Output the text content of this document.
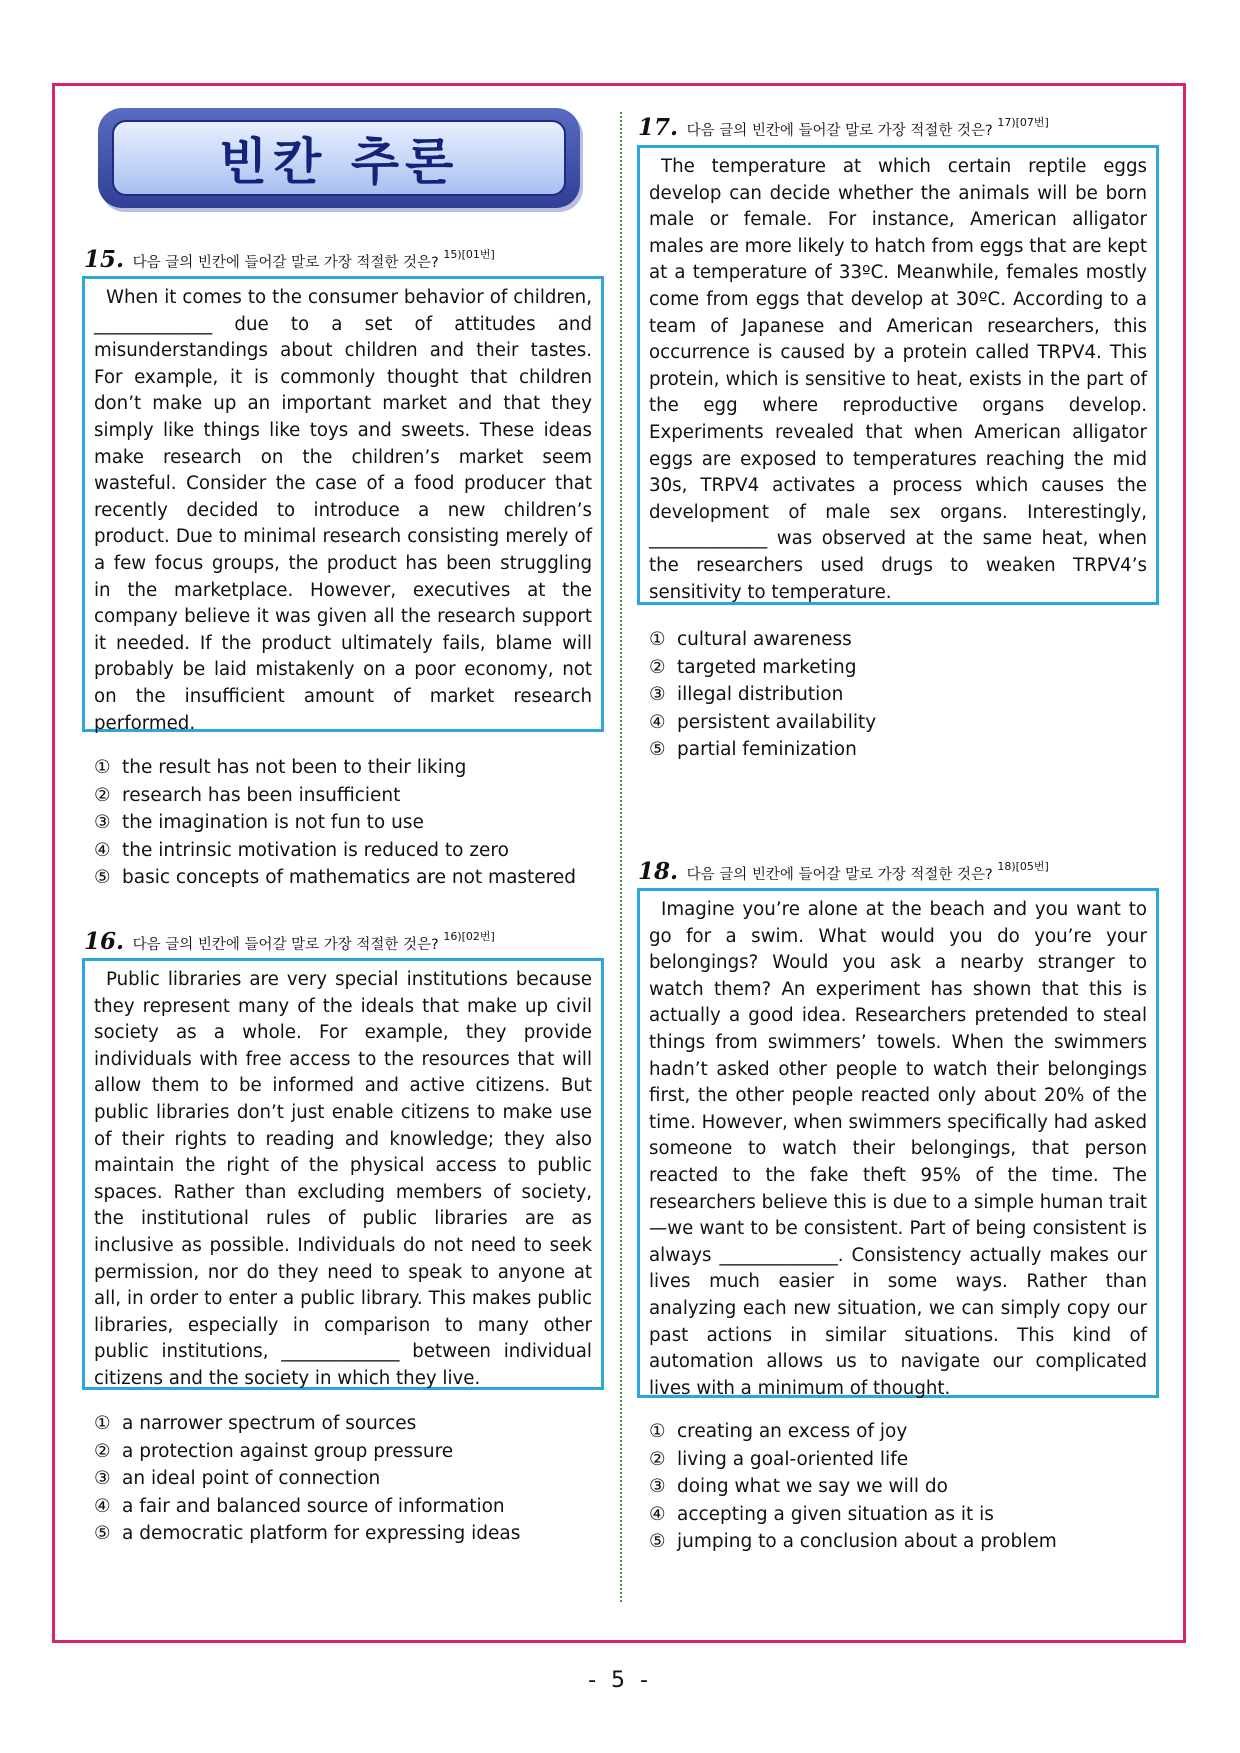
빈칸 추론
15. 다음 글의 빈칸에 들어갈 말로 가장 적절한 것은? $^{15)[01번]}$

When it comes to the consumer behavior of children, _____________ due to a set of attitudes and misunderstandings about children and their tastes. For example, it is commonly thought that children don’t make up an important market and that they simply like things like toys and sweets. These ideas make research on the children’s market seem wasteful. Consider the case of a food producer that recently decided to introduce a new children’s product. Due to minimal research consisting merely of a few focus groups, the product has been struggling in the marketplace. However, executives at the company believe it was given all the research support it needed. If the product ultimately fails, blame will probably be laid mistakenly on a poor economy, not on the insufficient amount of market research performed.

① the result has not been to their liking
② research has been insufficient
③ the imagination is not fun to use
④ the intrinsic motivation is reduced to zero
⑤ basic concepts of mathematics are not mastered
16. 다음 글의 빈칸에 들어갈 말로 가장 적절한 것은? $^{16)[02번]}$

Public libraries are very special institutions because they represent many of the ideals that make up civil society as a whole. For example, they provide individuals with free access to the resources that will allow them to be informed and active citizens. But public libraries don’t just enable citizens to make use of their rights to reading and knowledge; they also maintain the right of the physical access to public spaces. Rather than excluding members of society, the institutional rules of public libraries are as inclusive as possible. Individuals do not need to seek permission, nor do they need to speak to anyone at all, in order to enter a public library. This makes public libraries, especially in comparison to many other public institutions, _____________ between individual citizens and the society in which they live.

① a narrower spectrum of sources
② a protection against group pressure
③ an ideal point of connection
④ a fair and balanced source of information
⑤ a democratic platform for expressing ideas
17. 다음 글의 빈칸에 들어갈 말로 가장 적절한 것은? $^{17)[07번]}$

The temperature at which certain reptile eggs develop can decide whether the animals will be born male or female. For instance, American alligator males are more likely to hatch from eggs that are kept at a temperature of 33ºC. Meanwhile, females mostly come from eggs that develop at 30ºC. According to a team of Japanese and American researchers, this occurrence is caused by a protein called TRPV4. This protein, which is sensitive to heat, exists in the part of the egg where reproductive organs develop. Experiments revealed that when American alligator eggs are exposed to temperatures reaching the mid 30s, TRPV4 activates a process which causes the development of male sex organs. Interestingly, _____________ was observed at the same heat, when the researchers used drugs to weaken TRPV4’s sensitivity to temperature.

① cultural awareness
② targeted marketing
③ illegal distribution
④ persistent availability
⑤ partial feminization
18. 다음 글의 빈칸에 들어갈 말로 가장 적절한 것은? $^{18)[05번]}$

Imagine you’re alone at the beach and you want to go for a swim. What would you do you’re your belongings? Would you ask a nearby stranger to watch them? An experiment has shown that this is actually a good idea. Researchers pretended to steal things from swimmers’ towels. When the swimmers hadn’t asked other people to watch their belongings first, the other people reacted only about 20% of the time. However, when swimmers specifically had asked someone to watch their belongings, that person reacted to the fake theft 95% of the time. The researchers believe this is due to a simple human trait—we want to be consistent. Part of being consistent is always _____________. Consistency actually makes our lives much easier in some ways. Rather than analyzing each new situation, we can simply copy our past actions in similar situations. This kind of automation allows us to navigate our complicated lives with a minimum of thought.

① creating an excess of joy
② living a goal-oriented life
③ doing what we say we will do
④ accepting a given situation as it is
⑤ jumping to a conclusion about a problem
- 5 -
